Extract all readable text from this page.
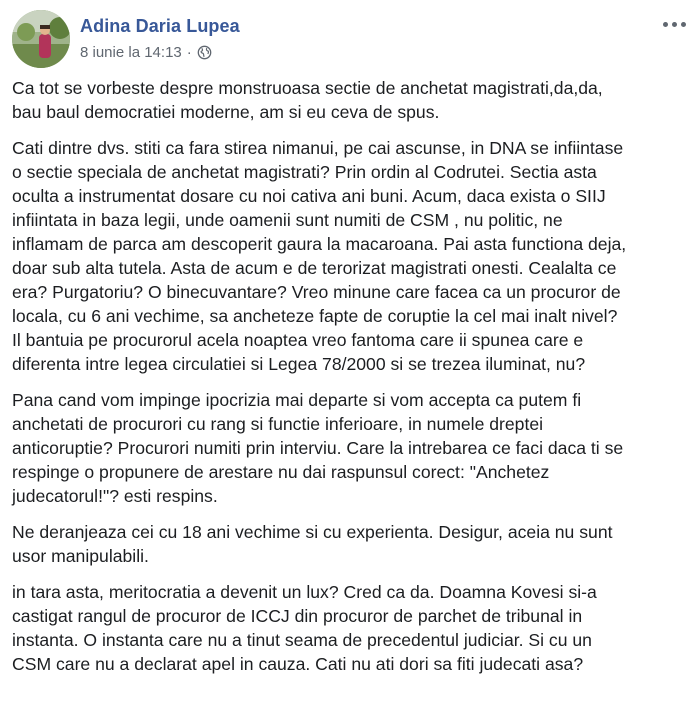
Adina Daria Lupea
8 iunie la 14:13 ·

Ca tot se vorbeste despre monstruoasa sectie de anchetat magistrati,da,da,
bau baul democratiei moderne, am si eu ceva de spus.

Cati dintre dvs. stiti ca fara stirea nimanui, pe cai ascunse, in DNA se infiintase
o sectie speciala de anchetat magistrati? Prin ordin al Codrutei. Sectia asta
oculta a instrumentat dosare cu noi cativa ani buni. Acum, daca exista o SIIJ
infiintata in baza legii, unde oamenii sunt numiti de CSM , nu politic, ne
inflamam de parca am descoperit gaura la macaroana. Pai asta functiona deja,
doar sub alta tutela. Asta de acum e de terorizat magistrati onesti. Cealalta ce
era? Purgatoriu? O binecuvantare? Vreo minune care facea ca un procuror de
locala, cu 6 ani vechime, sa ancheteze fapte de coruptie la cel mai inalt nivel?
Il bantuia pe procurorul acela noaptea vreo fantoma care ii spunea care e
diferenta intre legea circulatiei si Legea 78/2000 si se trezea iluminat, nu?

Pana cand vom impinge ipocrizia mai departe si vom accepta ca putem fi
anchetati de procurori cu rang si functie inferioare, in numele dreptei
anticoruptie? Procurori numiti prin interviu. Care la intrebarea ce faci daca ti se
respinge o propunere de arestare nu dai raspunsul corect: "Anchetez
judecatorul!"? esti respins.

Ne deranjeaza cei cu 18 ani vechime si cu experienta. Desigur, aceia nu sunt
usor manipulabili.

in tara asta, meritocratia a devenit un lux? Cred ca da. Doamna Kovesi si-a
castigat rangul de procuror de ICCJ din procuror de parchet de tribunal in
instanta. O instanta care nu a tinut seama de precedentul judiciar. Si cu un
CSM care nu a declarat apel in cauza. Cati nu ati dori sa fiti judecati asa?
